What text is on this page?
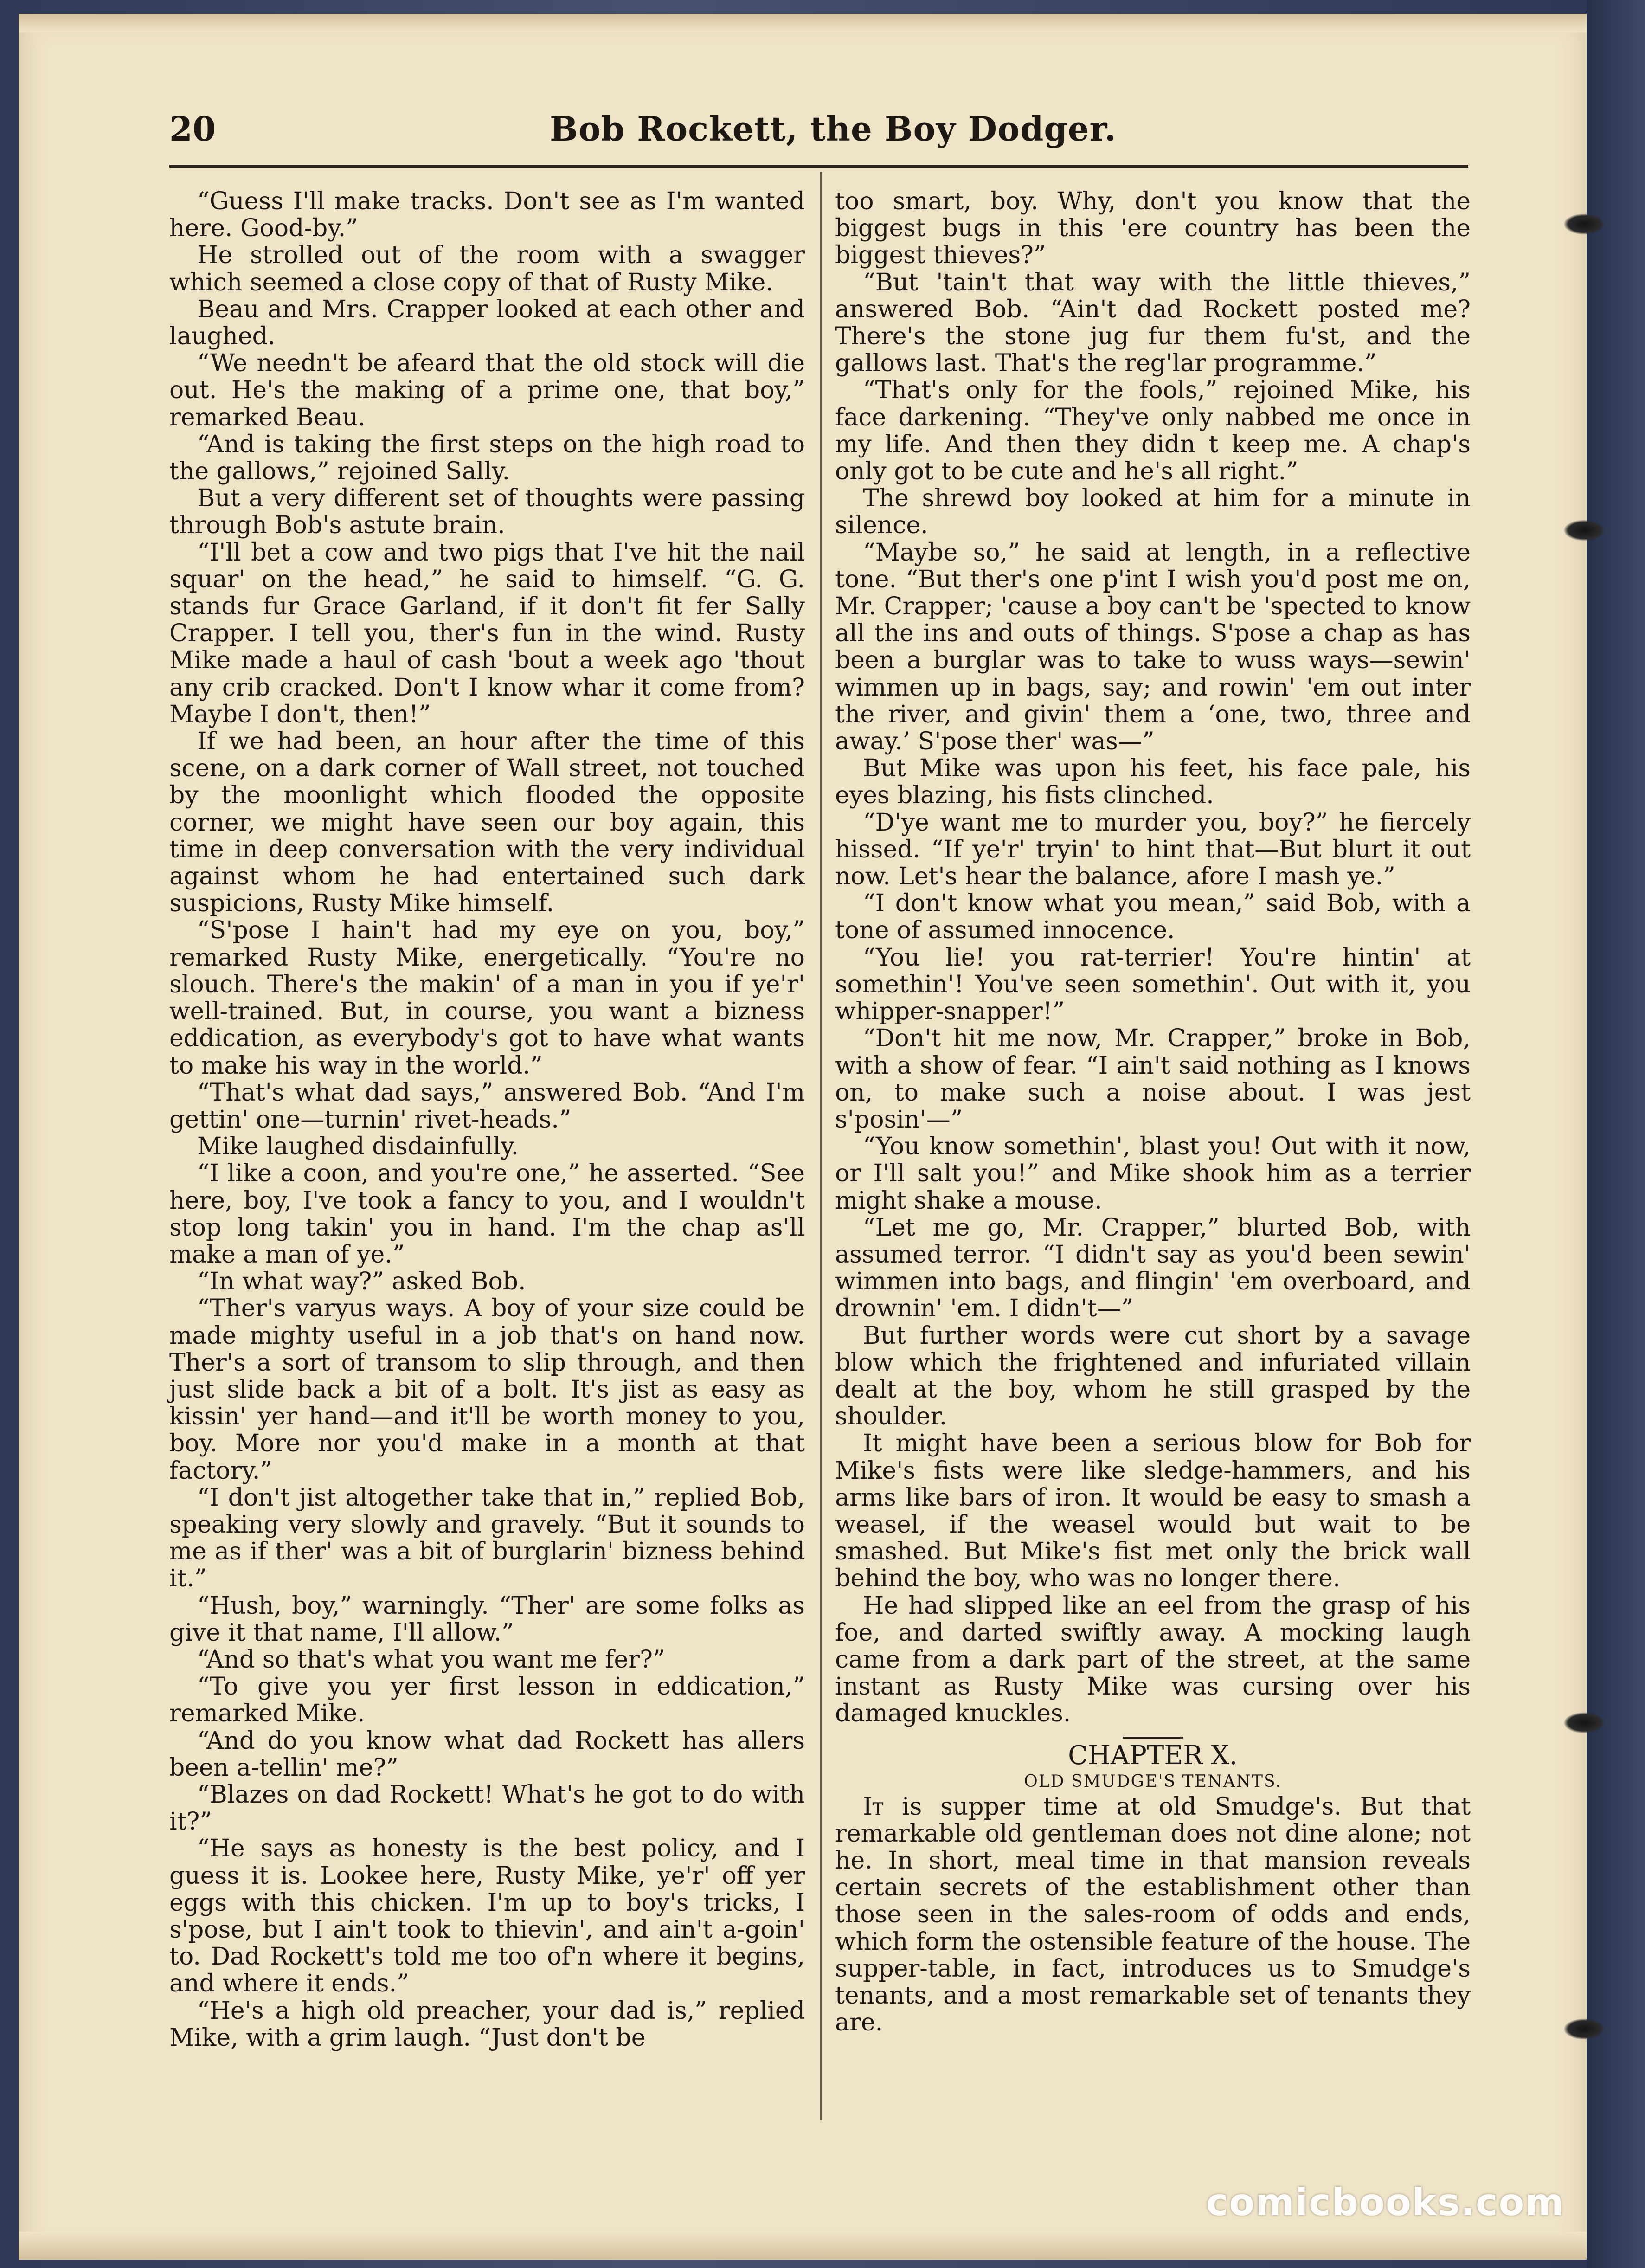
20	Bob Rockett, the Boy Dodger.

“Guess I'll make tracks. Don't see as I'm wanted here. Good-by.”

He strolled out of the room with a swagger which seemed a close copy of that of Rusty Mike.

Beau and Mrs. Crapper looked at each other and laughed.

“We needn't be afeard that the old stock will die out. He's the making of a prime one, that boy,” remarked Beau.

“And is taking the first steps on the high road to the gallows,” rejoined Sally.

But a very different set of thoughts were passing through Bob's astute brain.

“I'll bet a cow and two pigs that I've hit the nail squar' on the head,” he said to himself. “G. G. stands fur Grace Garland, if it don't fit fer Sally Crapper. I tell you, ther's fun in the wind. Rusty Mike made a haul of cash 'bout a week ago 'thout any crib cracked. Don't I know whar it come from? Maybe I don't, then!”

If we had been, an hour after the time of this scene, on a dark corner of Wall street, not touched by the moonlight which flooded the opposite corner, we might have seen our boy again, this time in deep conversation with the very individual against whom he had entertained such dark suspicions, Rusty Mike himself.

“S'pose I hain't had my eye on you, boy,” remarked Rusty Mike, energetically. “You're no slouch. There's the makin' of a man in you if ye'r' well-trained. But, in course, you want a bizness eddication, as everybody's got to have what wants to make his way in the world.”

“That's what dad says,” answered Bob. “And I'm gettin' one—turnin' rivet-heads.”

Mike laughed disdainfully.

“I like a coon, and you're one,” he asserted. “See here, boy, I've took a fancy to you, and I wouldn't stop long takin' you in hand. I'm the chap as'll make a man of ye.”

“In what way?” asked Bob.

“Ther's varyus ways. A boy of your size could be made mighty useful in a job that's on hand now. Ther's a sort of transom to slip through, and then just slide back a bit of a bolt. It's jist as easy as kissin' yer hand—and it'll be worth money to you, boy. More nor you'd make in a month at that factory.”

“I don't jist altogether take that in,” replied Bob, speaking very slowly and gravely. “But it sounds to me as if ther' was a bit of burglarin' bizness behind it.”

“Hush, boy,” warningly. “Ther' are some folks as give it that name, I'll allow.”

“And so that's what you want me fer?”

“To give you yer first lesson in eddication,” remarked Mike.

“And do you know what dad Rockett has allers been a-tellin' me?”

“Blazes on dad Rockett! What's he got to do with it?”

“He says as honesty is the best policy, and I guess it is. Lookee here, Rusty Mike, ye'r' off yer eggs with this chicken. I'm up to boy's tricks, I s'pose, but I ain't took to thievin', and ain't a-goin' to. Dad Rockett's told me too of'n where it begins, and where it ends.”

“He's a high old preacher, your dad is,” replied Mike, with a grim laugh. “Just don't be

too smart, boy. Why, don't you know that the biggest bugs in this 'ere country has been the biggest thieves?”

“But 'tain't that way with the little thieves,” answered Bob. “Ain't dad Rockett posted me? There's the stone jug fur them fu'st, and the gallows last. That's the reg'lar programme.”

“That's only for the fools,” rejoined Mike, his face darkening. “They've only nabbed me once in my life. And then they didn t keep me. A chap's only got to be cute and he's all right.”

The shrewd boy looked at him for a minute in silence.

“Maybe so,” he said at length, in a reflective tone. “But ther's one p'int I wish you'd post me on, Mr. Crapper; 'cause a boy can't be 'spected to know all the ins and outs of things. S'pose a chap as has been a burglar was to take to wuss ways—sewin' wimmen up in bags, say; and rowin' 'em out inter the river, and givin' them a ‘one, two, three and away.’ S'pose ther' was—”

But Mike was upon his feet, his face pale, his eyes blazing, his fists clinched.

“D'ye want me to murder you, boy?” he fiercely hissed. “If ye'r' tryin' to hint that—But blurt it out now. Let's hear the balance, afore I mash ye.”

“I don't know what you mean,” said Bob, with a tone of assumed innocence.

“You lie! you rat-terrier! You're hintin' at somethin'! You've seen somethin'. Out with it, you whipper-snapper!”

“Don't hit me now, Mr. Crapper,” broke in Bob, with a show of fear. “I ain't said nothing as I knows on, to make such a noise about. I was jest s'posin'—”

“You know somethin', blast you! Out with it now, or I'll salt you!” and Mike shook him as a terrier might shake a mouse.

“Let me go, Mr. Crapper,” blurted Bob, with assumed terror. “I didn't say as you'd been sewin' wimmen into bags, and flingin' 'em overboard, and drownin' 'em. I didn't—”

But further words were cut short by a savage blow which the frightened and infuriated villain dealt at the boy, whom he still grasped by the shoulder.

It might have been a serious blow for Bob for Mike's fists were like sledge-hammers, and his arms like bars of iron. It would be easy to smash a weasel, if the weasel would but wait to be smashed. But Mike's fist met only the brick wall behind the boy, who was no longer there.

He had slipped like an eel from the grasp of his foe, and darted swiftly away. A mocking laugh came from a dark part of the street, at the same instant as Rusty Mike was cursing over his damaged knuckles.

CHAPTER X.

OLD SMUDGE'S TENANTS.

It is supper time at old Smudge's. But that remarkable old gentleman does not dine alone; not he. In short, meal time in that mansion reveals certain secrets of the establishment other than those seen in the sales-room of odds and ends, which form the ostensible feature of the house. The supper-table, in fact, introduces us to Smudge's tenants, and a most remarkable set of tenants they are.

comicbooks.com
